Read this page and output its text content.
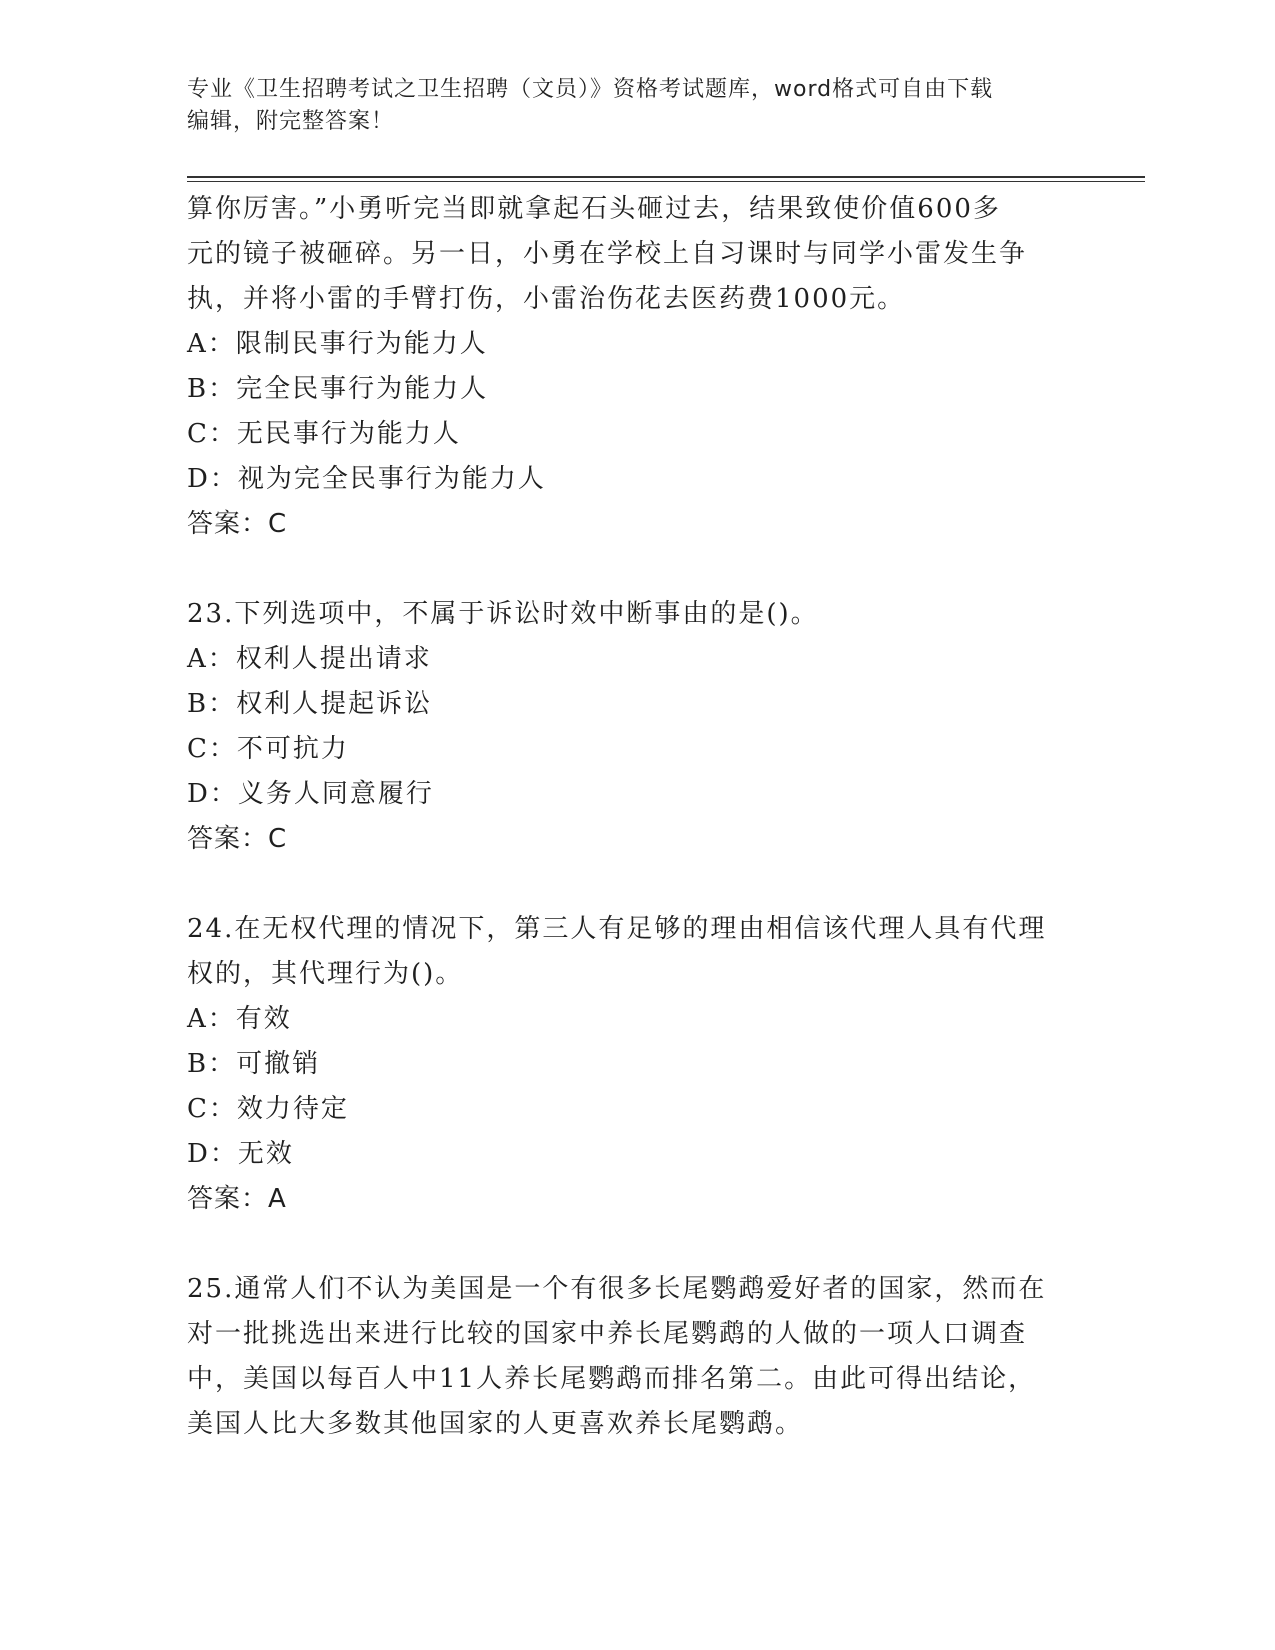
专业《卫生招聘考试之卫生招聘（文员）》资格考试题库，word格式可自由下载
编辑，附完整答案！
算你厉害。”小勇听完当即就拿起石头砸过去，结果致使价值600多
元的镜子被砸碎。另一日，小勇在学校上自习课时与同学小雷发生争
执，并将小雷的手臂打伤，小雷治伤花去医药费1000元。
A：限制民事行为能力人
B：完全民事行为能力人
C：无民事行为能力人
D：视为完全民事行为能力人
答案：C
23.下列选项中，不属于诉讼时效中断事由的是()。
A：权利人提出请求
B：权利人提起诉讼
C：不可抗力
D：义务人同意履行
答案：C
24.在无权代理的情况下，第三人有足够的理由相信该代理人具有代理
权的，其代理行为()。
A：有效
B：可撤销
C：效力待定
D：无效
答案：A
25.通常人们不认为美国是一个有很多长尾鹦鹉爱好者的国家，然而在
对一批挑选出来进行比较的国家中养长尾鹦鹉的人做的一项人口调查
中，美国以每百人中11人养长尾鹦鹉而排名第二。由此可得出结论，
美国人比大多数其他国家的人更喜欢养长尾鹦鹉。
